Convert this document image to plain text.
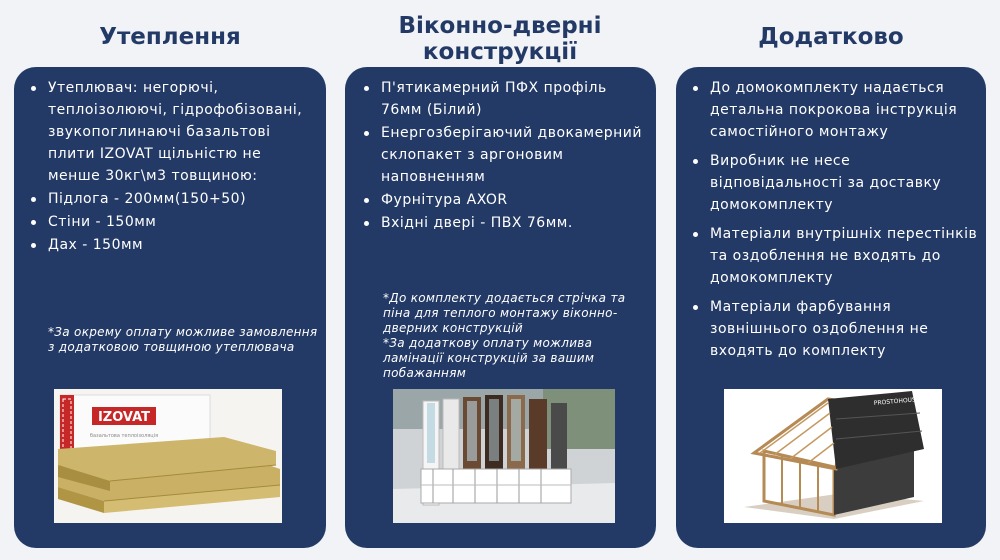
Утеплення
Утеплювач: негорючі, теплоізолюючі, гідрофобізовані, звукопоглинаючі базальтові плити IZOVAT щільністю не менше 30кг\м3 товщиною:
Підлога - 200мм(150+50)
Стіни - 150мм
Дах - 150мм
*За окрему оплату можливе замовлення з додатковою товщиною утеплювача
IZOVAT
базальтова теплоізоляція
Віконно-дверні
конструкції
П'ятикамерний ПФХ профіль 76мм (Білий)
Енергозберігаючий двокамерний склопакет з аргоновим наповненням
Фурнітура AXOR
Вхідні двері - ПВХ 76мм.
*До комплекту додається стрічка та піна для теплого монтажу віконно-дверних конструкцій
*За додаткову оплату можлива ламінації конструкцій за вашим побажанням
Додатково
До домокомплекту надається детальна покрокова інструкція самостійного монтажу
Виробник не несе відповідальності за доставку домокомплекту
Матеріали внутрішніх перестінків та оздоблення не входять до домокомплекту
Матеріали фарбування зовнішнього оздоблення не входять до комплекту
PROSTOHOUSE
